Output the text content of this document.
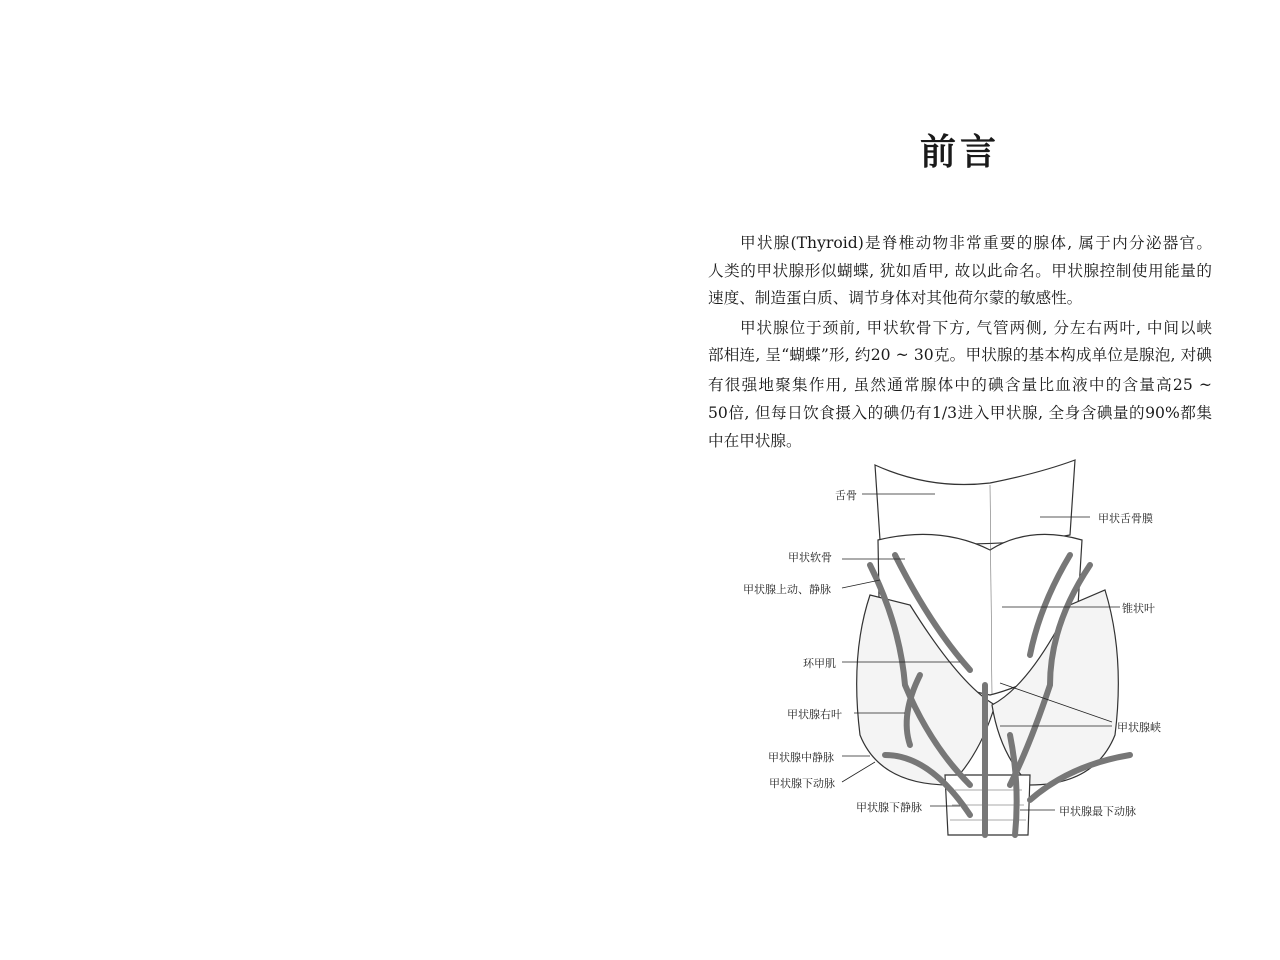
前言
甲状腺(Thyroid)是脊椎动物非常重要的腺体, 属于内分泌器官。
人类的甲状腺形似蝴蝶, 犹如盾甲, 故以此命名。甲状腺控制使用能量的
速度、制造蛋白质、调节身体对其他荷尔蒙的敏感性。
甲状腺位于颈前, 甲状软骨下方, 气管两侧, 分左右两叶, 中间以峡
部相连, 呈“蝴蝶”形, 约20 ~ 30克。甲状腺的基本构成单位是腺泡, 对碘
有很强地聚集作用, 虽然通常腺体中的碘含量比血液中的含量高25 ~
50倍, 但每日饮食摄入的碘仍有1/3进入甲状腺, 全身含碘量的90%都集
中在甲状腺。
舌骨
甲状舌骨膜
甲状软骨
甲状腺上动、静脉
锥状叶
环甲肌
甲状腺右叶
甲状腺峡
甲状腺中静脉
甲状腺下动脉
甲状腺下静脉	甲状腺最下动脉
